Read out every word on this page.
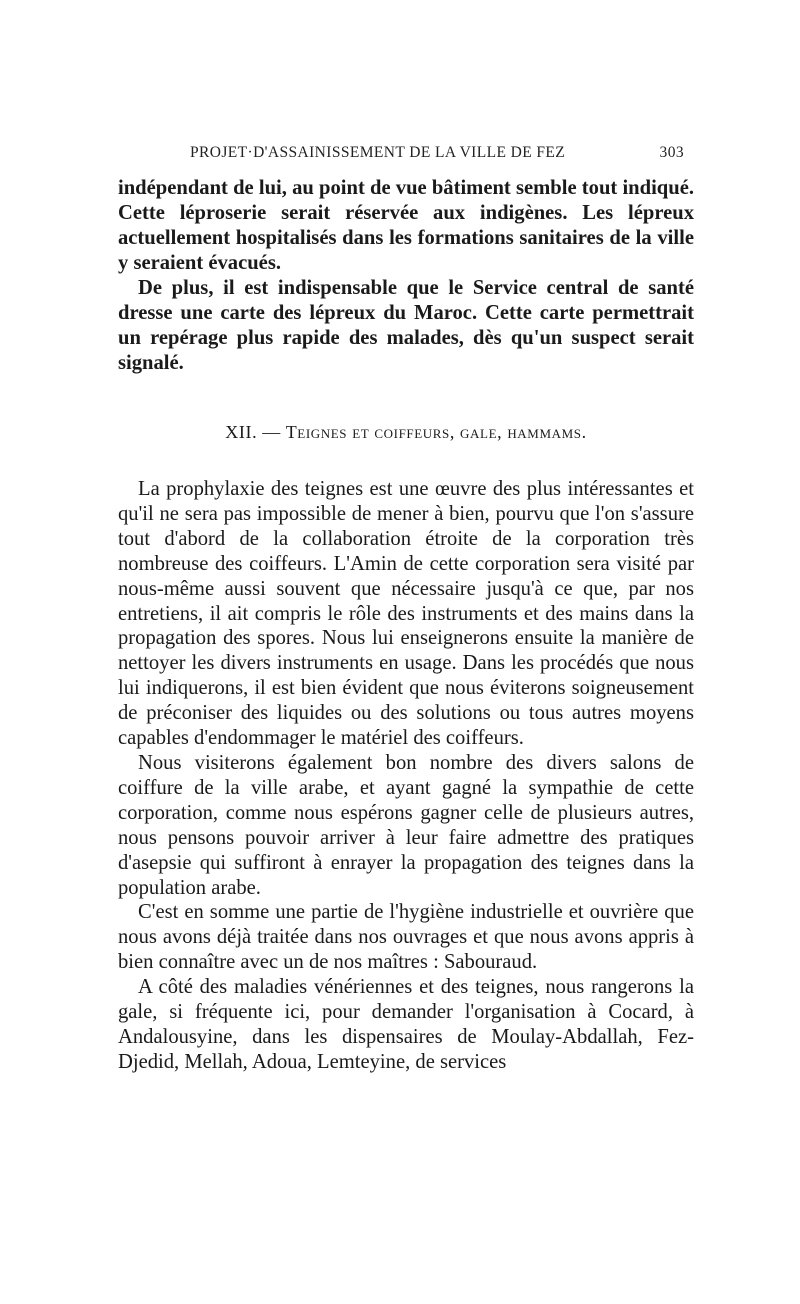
PROJET·D'ASSAINISSEMENT DE LA VILLE DE FEZ	303

indépendant de lui, au point de vue bâtiment semble tout indiqué. Cette léproserie serait réservée aux indigènes. Les lépreux actuellement hospitalisés dans les formations sanitaires de la ville y seraient évacués.

De plus, il est indispensable que le Service central de santé dresse une carte des lépreux du Maroc. Cette carte permettrait un repérage plus rapide des malades, dès qu'un suspect serait signalé.

XII. — Teignes et coiffeurs, gale, hammams.

La prophylaxie des teignes est une œuvre des plus intéressantes et qu'il ne sera pas impossible de mener à bien, pourvu que l'on s'assure tout d'abord de la collaboration étroite de la corporation très nombreuse des coiffeurs. L'Amin de cette corporation sera visité par nous-même aussi souvent que nécessaire jusqu'à ce que, par nos entretiens, il ait compris le rôle des instruments et des mains dans la propagation des spores. Nous lui enseignerons ensuite la manière de nettoyer les divers instruments en usage. Dans les procédés que nous lui indiquerons, il est bien évident que nous éviterons soigneusement de préconiser des liquides ou des solutions ou tous autres moyens capables d'endommager le matériel des coiffeurs.

Nous visiterons également bon nombre des divers salons de coiffure de la ville arabe, et ayant gagné la sympathie de cette corporation, comme nous espérons gagner celle de plusieurs autres, nous pensons pouvoir arriver à leur faire admettre des pratiques d'asepsie qui suffiront à enrayer la propagation des teignes dans la population arabe.

C'est en somme une partie de l'hygiène industrielle et ouvrière que nous avons déjà traitée dans nos ouvrages et que nous avons appris à bien connaître avec un de nos maîtres : Sabouraud.

A côté des maladies vénériennes et des teignes, nous rangerons la gale, si fréquente ici, pour demander l'organisation à Cocard, à Andalousyine, dans les dispensaires de Moulay-Abdallah, Fez-Djedid, Mellah, Adoua, Lemteyine, de services
